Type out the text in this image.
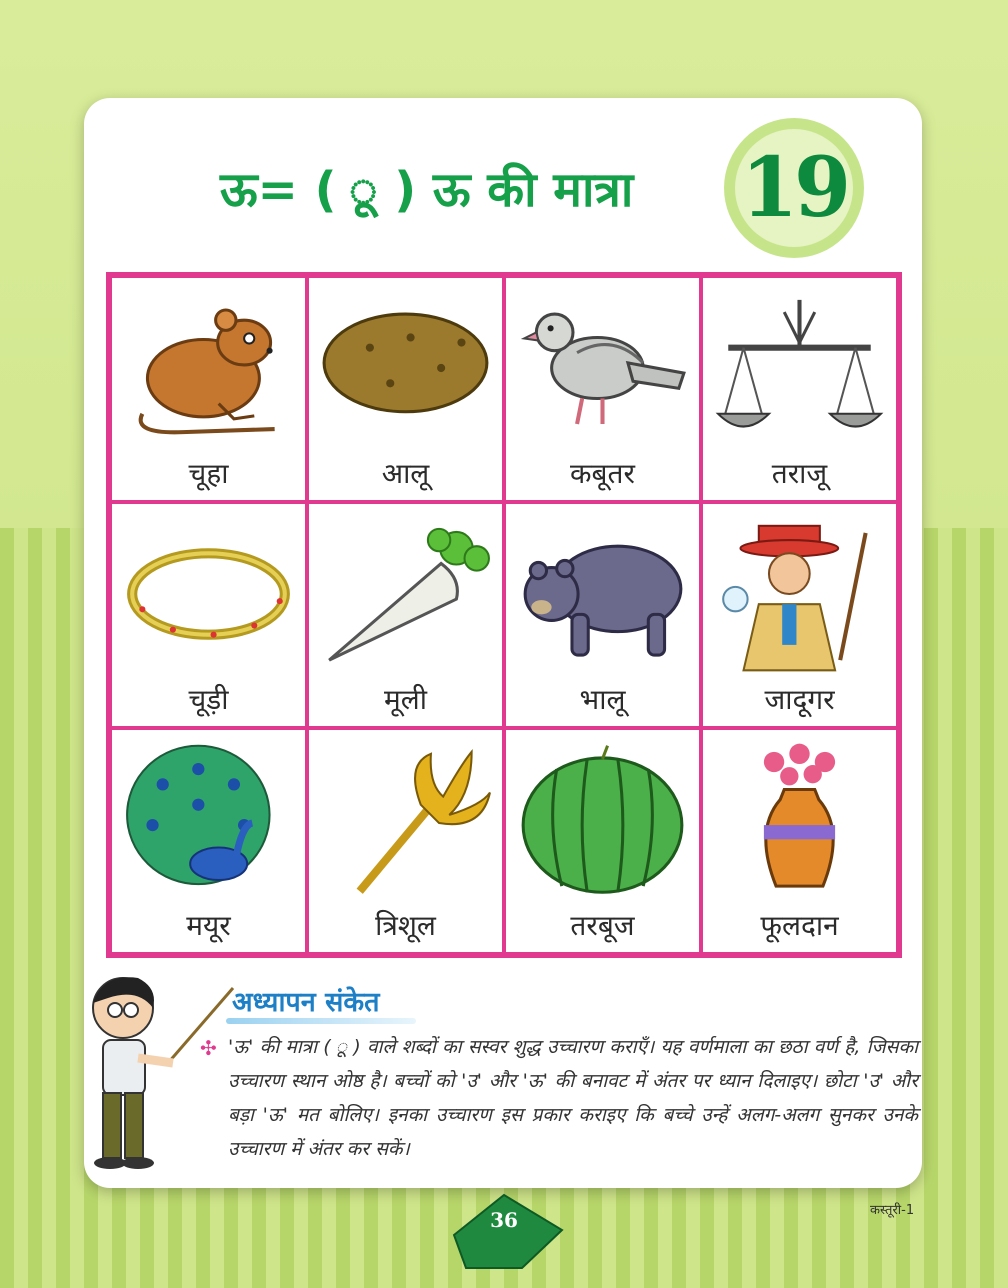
ऊ= ( ू ) ऊ की मात्रा	19
चूहा	आलू	कबूतर	तराजू
चूड़ी	मूली	भालू	जादूगर
मयूर	त्रिशूल	तरबूज	फूलदान
अध्यापन संकेत
✣ 'ऊ' की मात्रा ( ू ) वाले शब्दों का सस्वर शुद्ध उच्चारण कराएँ। यह वर्णमाला का छठा वर्ण है, जिसका उच्चारण स्थान ओष्ठ है। बच्चों को 'उ' और 'ऊ' की बनावट में अंतर पर ध्यान दिलाइए। छोटा 'उ' और बड़ा 'ऊ' मत बोलिए। इनका उच्चारण इस प्रकार कराइए कि बच्चे उन्हें अलग-अलग सुनकर उनके उच्चारण में अंतर कर सकें।
36	कस्तूरी-1
